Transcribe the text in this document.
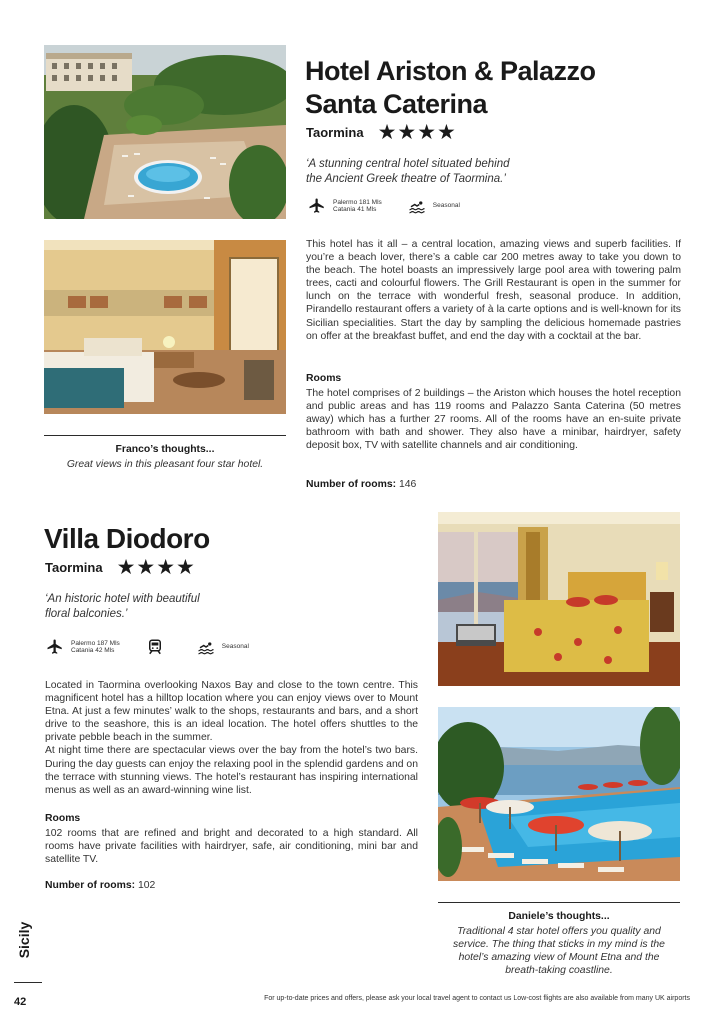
Hotel Ariston & Palazzo
Santa Caterina
Taormina ★★★★
‘A stunning central hotel situated behind
the Ancient Greek theatre of Taormina.’
Palermo 181 Mls
Catania 41 Mls
Seasonal
This hotel has it all – a central location, amazing views and superb facilities. If you’re a beach lover, there’s a cable car 200 metres away to take you down to the beach. The hotel boasts an impressively large pool area with towering palm trees, cacti and colourful flowers. The Grill Restaurant is open in the summer for lunch on the terrace with wonderful fresh, seasonal produce. In addition, Pirandello restaurant offers a variety of à la carte options and is well-known for its Sicilian specialities. Start the day by sampling the delicious homemade pastries on offer at the breakfast buffet, and end the day with a cocktail at the bar.
Rooms
The hotel comprises of 2 buildings – the Ariston which houses the hotel reception and public areas and has 119 rooms and Palazzo Santa Caterina (50 metres away) which has a further 27 rooms. All of the rooms have an en-suite private bathroom with bath and shower. They also have a minibar, hairdryer, safety deposit box, TV with satellite channels and air conditioning.
Number of rooms: 146
Franco’s thoughts...
Great views in this pleasant four star hotel.
Villa Diodoro
Taormina ★★★★
‘An historic hotel with beautiful
floral balconies.’
Palermo 187 Mls
Catania 42 Mls
Seasonal
Located in Taormina overlooking Naxos Bay and close to the town centre. This magnificent hotel has a hilltop location where you can enjoy views over to Mount Etna. At just a few minutes’ walk to the shops, restaurants and bars, and a short drive to the seashore, this is an ideal location. The hotel offers shuttles to the private pebble beach in the summer.
At night time there are spectacular views over the bay from the hotel’s two bars. During the day guests can enjoy the relaxing pool in the splendid gardens and on the terrace with stunning views. The hotel’s restaurant has inspiring international menus as well as an award-winning wine list.
Rooms
102 rooms that are refined and bright and decorated to a high standard. All rooms have private facilities with hairdryer, safe, air conditioning, mini bar and satellite TV.
Number of rooms: 102
Daniele’s thoughts...
Traditional 4 star hotel offers you quality and service. The thing that sticks in my mind is the hotel’s amazing view of Mount Etna and the breath-taking coastline.
Sicily
42	For up-to-date prices and offers, please ask your local travel agent to contact us Low-cost flights are also available from many UK airports
